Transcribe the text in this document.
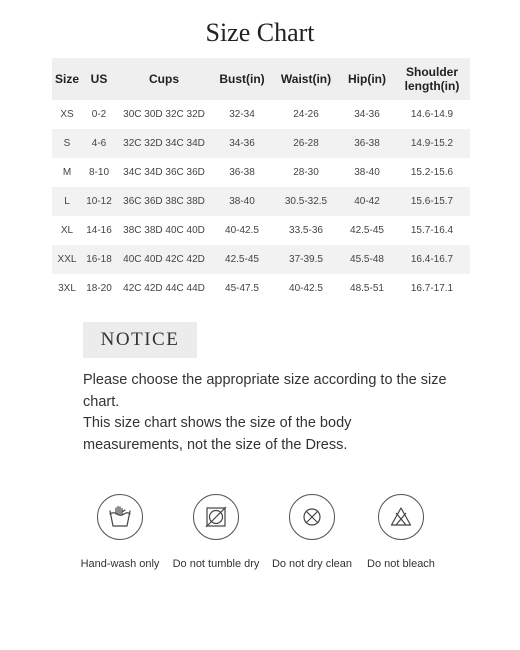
Size Chart
Size	US	Cups	Bust(in)	Waist(in)	Hip(in)	Shoulder length(in)
XS	0-2	30C 30D 32C 32D	32-34	24-26	34-36	14.6-14.9
S	4-6	32C 32D 34C 34D	34-36	26-28	36-38	14.9-15.2
M	8-10	34C 34D 36C 36D	36-38	28-30	38-40	15.2-15.6
L	10-12	36C 36D 38C 38D	38-40	30.5-32.5	40-42	15.6-15.7
XL	14-16	38C 38D 40C 40D	40-42.5	33.5-36	42.5-45	15.7-16.4
XXL	16-18	40C 40D 42C 42D	42.5-45	37-39.5	45.5-48	16.4-16.7
3XL	18-20	42C 42D 44C 44D	45-47.5	40-42.5	48.5-51	16.7-17.1
NOTICE

Please choose the appropriate size according to the size chart.

This size chart shows the size of the body measurements, not the size of the Dress.

Hand-wash only	Do not tumble dry	Do not dry clean	Do not bleach
